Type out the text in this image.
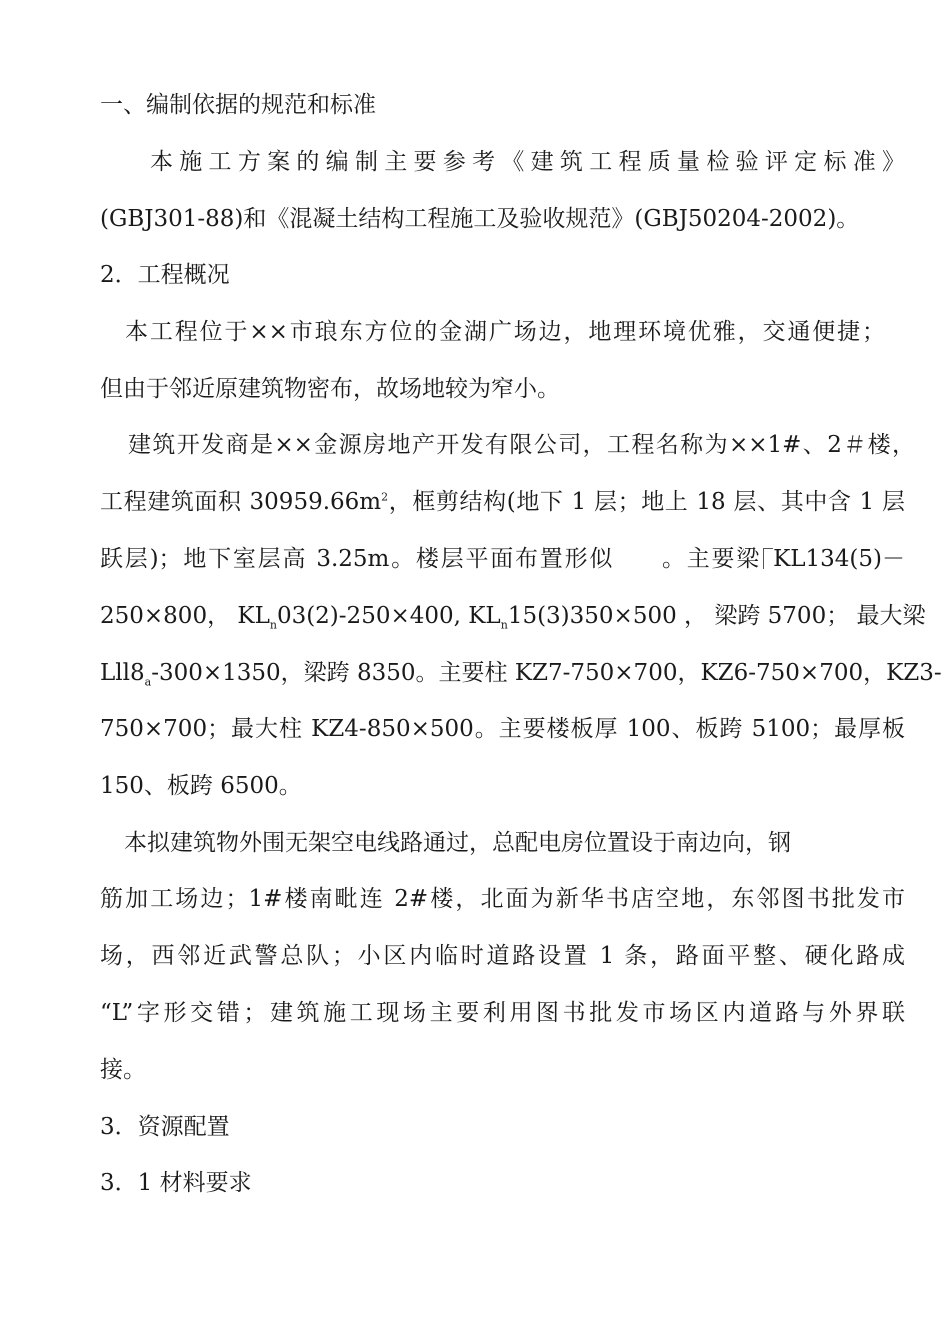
一、编制依据的规范和标准
本施工方案的编制主要参考《建筑工程质量检验评定标准》
(GBJ301-88)和《混凝土结构工程施工及验收规范》(GBJ50204-2002)。
2．工程概况
本工程位于××市琅东方位的金湖广场边，地理环境优雅，交通便捷；
但由于邻近原建筑物密布，故场地较为窄小。
建筑开发商是××金源房地产开发有限公司，工程名称为××1#、2＃楼，
工程建筑面积 $30959.66m^2$，框剪结构(地下 1 层；地上 18 层、其中含 1 层
跃层)；地下室层高 3.25m。楼层平面布置形似 。主要梁 KL134(5)－
250×800， $KL_n03(2)-250\times 400$, $KL_n15(3)350\times 500$ ， 梁跨 5700； 最大梁
$Lll8_a-300\times 1350$，梁跨 8350。主要柱 KZ7-750×700，KZ6-750×700，KZ3-
750×700；最大柱 KZ4-850×500。主要楼板厚 100、板跨 5100；最厚板
150、板跨 6500。
本拟建筑物外围无架空电线路通过，总配电房位置设于南边向，钢
筋加工场边；1#楼南毗连 2#楼，北面为新华书店空地，东邻图书批发市
场，西邻近武警总队；小区内临时道路设置 1 条，路面平整、硬化路成
“L”字形交错；建筑施工现场主要利用图书批发市场区内道路与外界联
接。
3．资源配置
3．1 材料要求
